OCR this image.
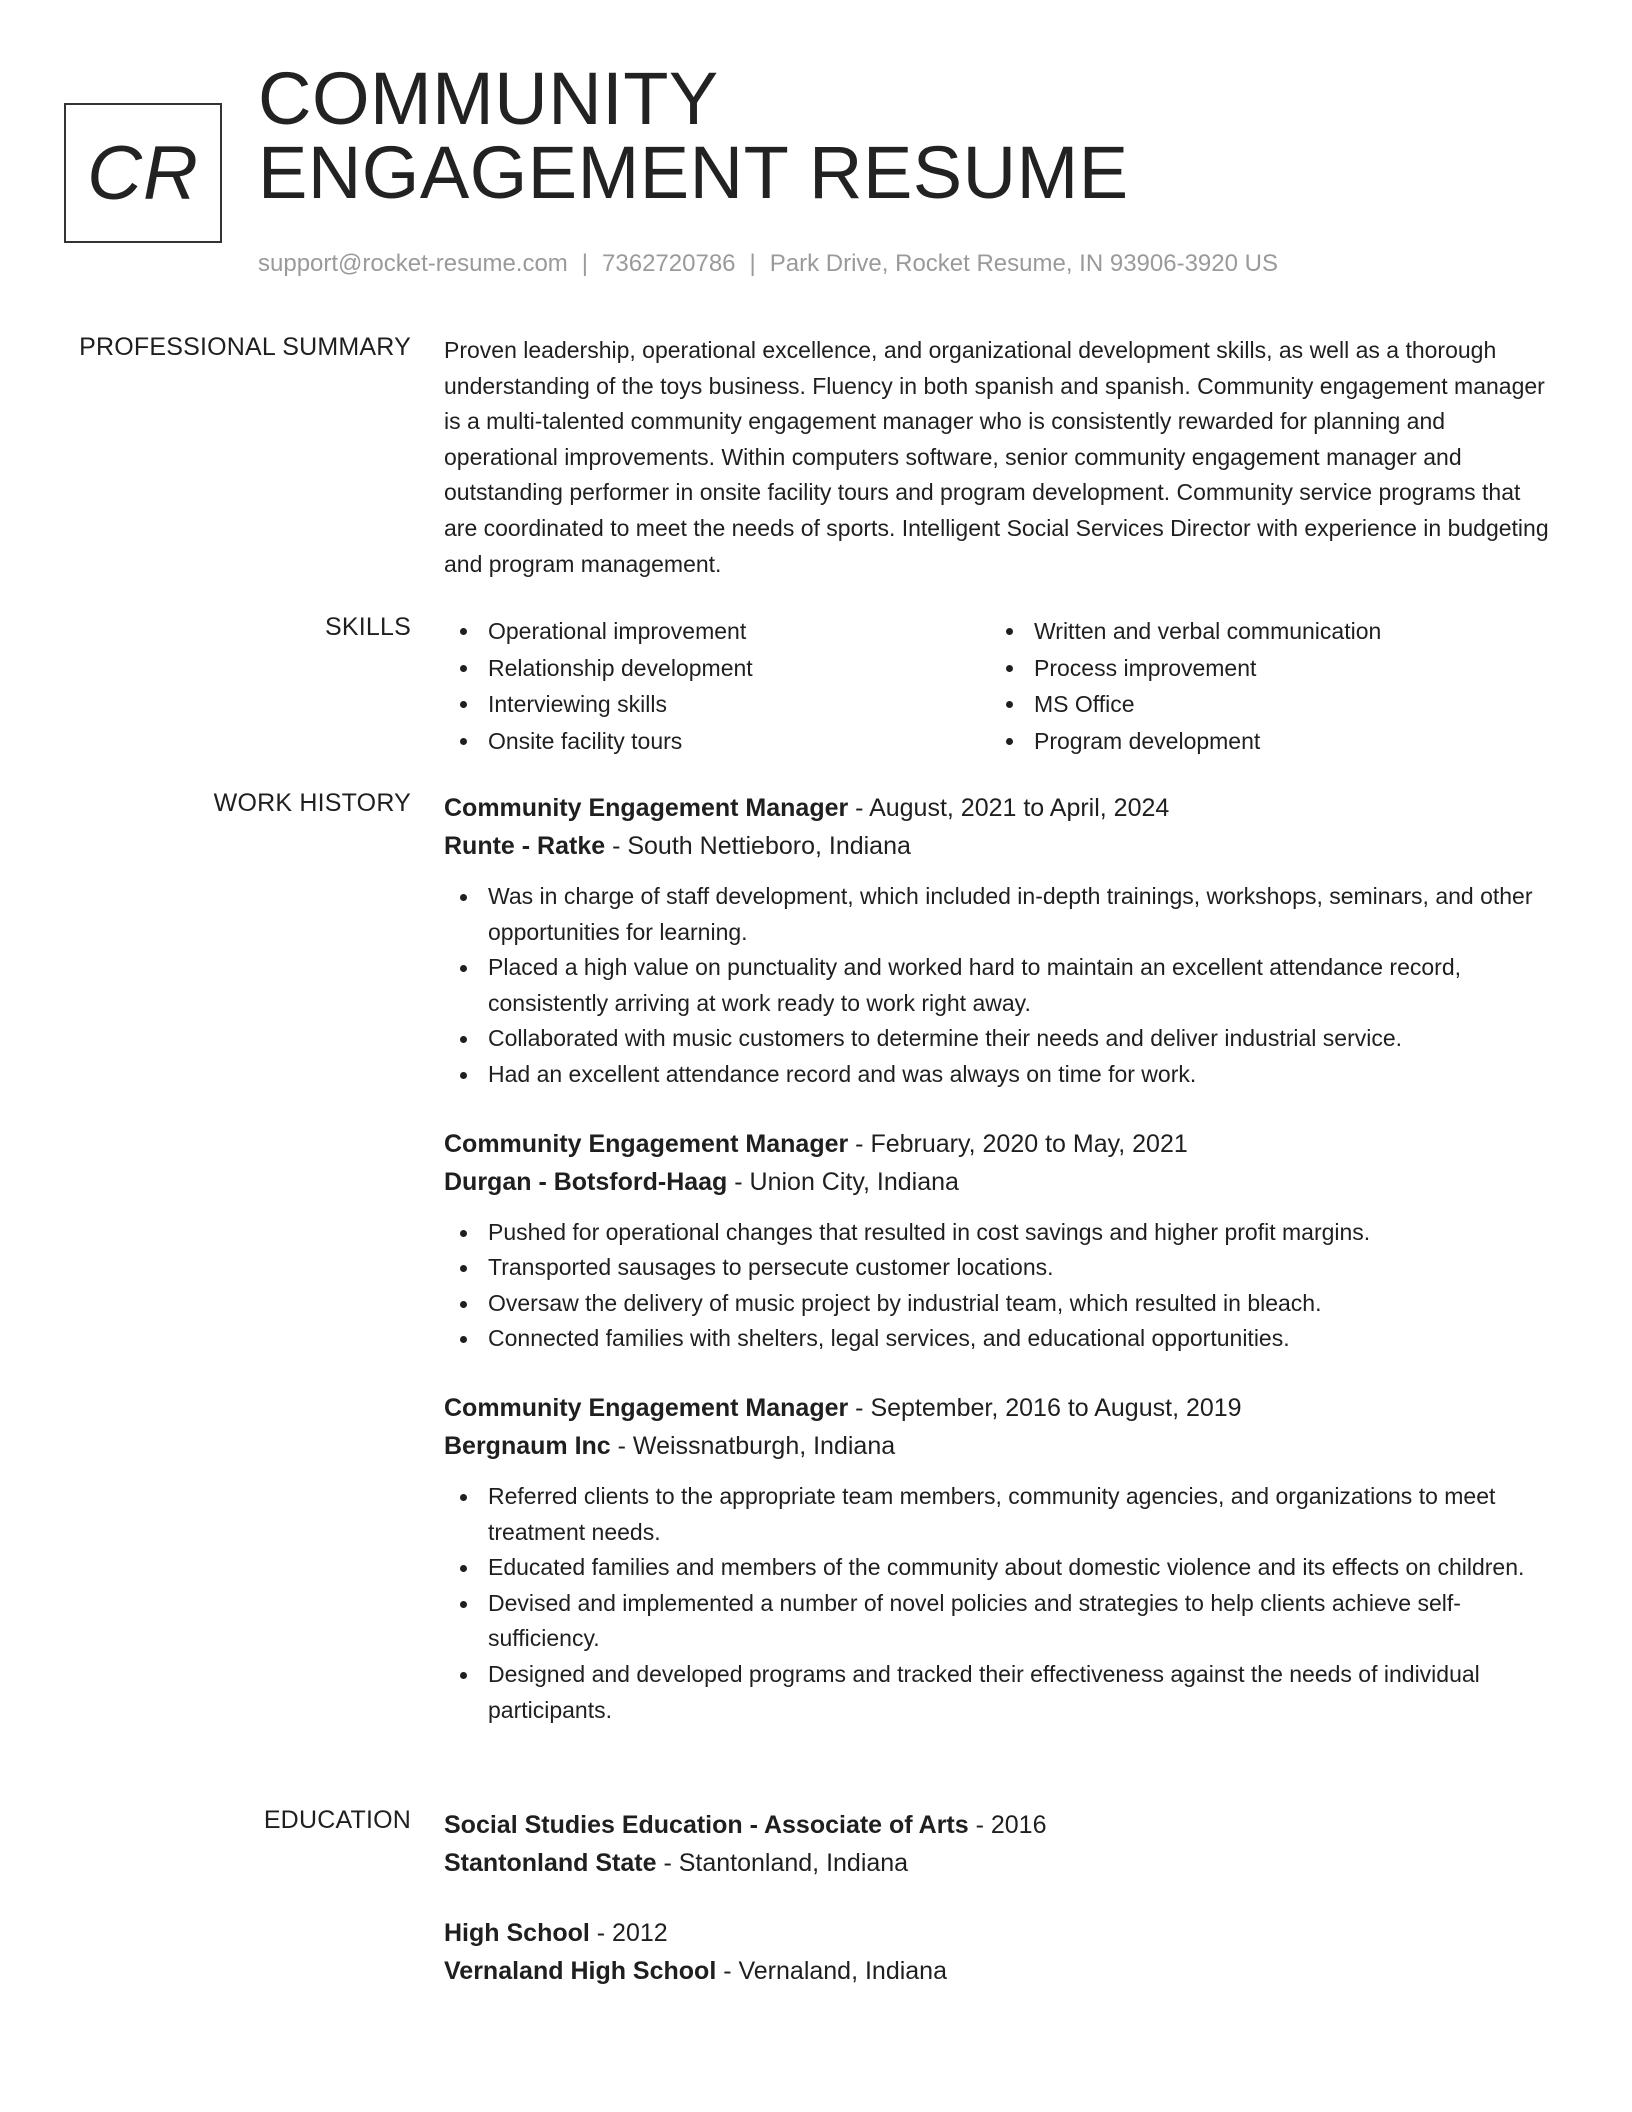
CR
COMMUNITY
ENGAGEMENT RESUME
support@rocket-resume.com | 7362720786 | Park Drive, Rocket Resume, IN 93906-3920 US
PROFESSIONAL SUMMARY Proven leadership, operational excellence, and organizational development skills, as well as a thorough understanding of the toys business. Fluency in both spanish and spanish. Community engagement manager is a multi-talented community engagement manager who is consistently rewarded for planning and operational improvements. Within computers software, senior community engagement manager and outstanding performer in onsite facility tours and program development. Community service programs that are coordinated to meet the needs of sports. Intelligent Social Services Director with experience in budgeting and program management.
SKILLS	Operational improvement
Relationship development
Interviewing skills
Onsite facility tours
Written and verbal communication
Process improvement
MS Office
Program development
WORK HISTORY Community Engagement Manager - August, 2021 to April, 2024
Runte - Ratke - South Nettieboro, Indiana
Was in charge of staff development, which included in-depth trainings, workshops, seminars, and other opportunities for learning.
Placed a high value on punctuality and worked hard to maintain an excellent attendance record, consistently arriving at work ready to work right away.
Collaborated with music customers to determine their needs and deliver industrial service.
Had an excellent attendance record and was always on time for work.
Community Engagement Manager - February, 2020 to May, 2021
Durgan - Botsford-Haag - Union City, Indiana
Pushed for operational changes that resulted in cost savings and higher profit margins.
Transported sausages to persecute customer locations.
Oversaw the delivery of music project by industrial team, which resulted in bleach.
Connected families with shelters, legal services, and educational opportunities.
Community Engagement Manager - September, 2016 to August, 2019
Bergnaum Inc - Weissnatburgh, Indiana
Referred clients to the appropriate team members, community agencies, and organizations to meet treatment needs.
Educated families and members of the community about domestic violence and its effects on children.
Devised and implemented a number of novel policies and strategies to help clients achieve self-sufficiency.
Designed and developed programs and tracked their effectiveness against the needs of individual participants.
EDUCATION Social Studies Education - Associate of Arts - 2016
Stantonland State - Stantonland, Indiana
High School - 2012
Vernaland High School - Vernaland, Indiana
